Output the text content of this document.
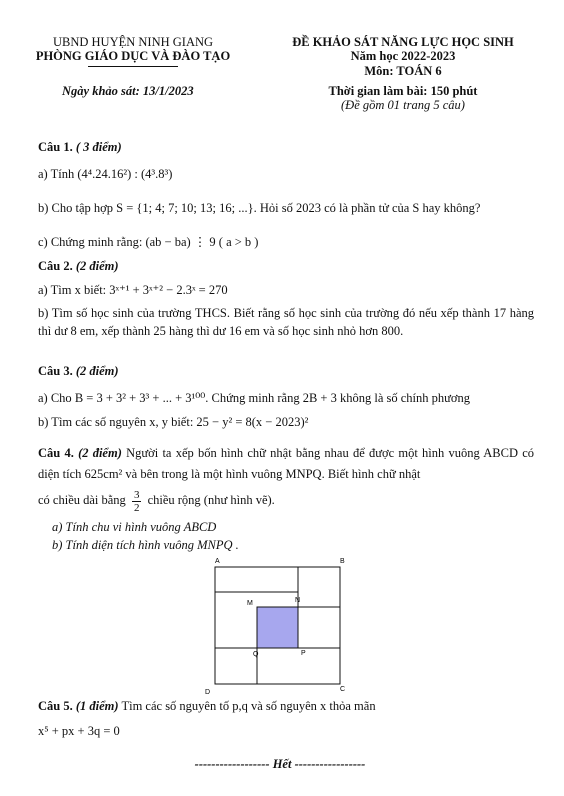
UBND HUYỆN NINH GIANG
PHÒNG GIÁO DỤC VÀ ĐÀO TẠO
ĐỀ KHẢO SÁT NĂNG LỰC HỌC SINH
Năm học 2022-2023
Môn: TOÁN 6
Ngày khảo sát: 13/1/2023	Thời gian làm bài: 150 phút
(Đề gồm 01 trang 5 câu)
Câu 1. ( 3 điểm)
a) Tính (4⁴.24.16²) : (4³.8³)
b) Cho tập hợp S = {1; 4; 7; 10; 13; 16; ...}. Hỏi số 2023 có là phần tử của S hay không?
c) Chứng minh rằng: (ab − ba) ⋮ 9 ( a > b )
Câu 2. (2 điểm)
a) Tìm x biết: 3ˣ⁺¹ + 3ˣ⁺² − 2.3ˣ = 270
b) Tìm số học sinh của trường THCS. Biết rằng số học sinh của trường đó nếu xếp thành 17 hàng thì dư 8 em, xếp thành 25 hàng thì dư 16 em và số học sinh nhỏ hơn 800.
Câu 3. (2 điểm)
a) Cho B = 3 + 3² + 3³ + ... + 3¹⁰⁰. Chứng minh rằng 2B + 3 không là số chính phương
b) Tìm các số nguyên x, y biết: 25 − y² = 8(x − 2023)²
Câu 4. (2 điểm) Người ta xếp bốn hình chữ nhật bằng nhau để được một hình vuông ABCD có diện tích 625cm² và bên trong là một hình vuông MNPQ. Biết hình chữ nhật
có chiều dài bằng $\frac{3}{2}$ chiều rộng (như hình vẽ).
a) Tính chu vi hình vuông ABCD
b) Tính diện tích hình vuông MNPQ .
A	B
D	C
M	N
P
Q
Câu 5. (1 điểm) Tìm các số nguyên tố p,q và số nguyên x thỏa mãn
x⁵ + px + 3q = 0
------------------ Hết -----------------
